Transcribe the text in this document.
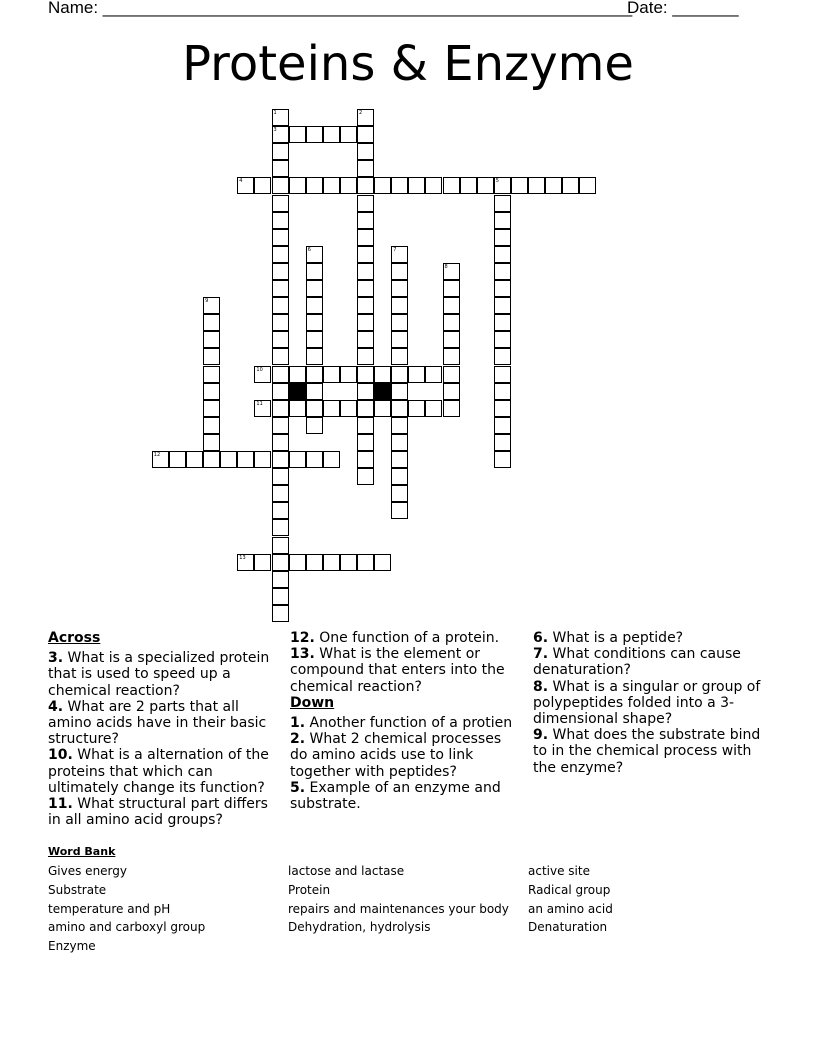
Name: ________________________________________________________
Date: _______
Proteins & Enzyme
1
3
2
4	5
6	7
8
9
10
11
12
13
Across
3. What is a specialized protein that is used to speed up a chemical reaction?
4. What are 2 parts that all amino acids have in their basic structure?
10. What is a alternation of the proteins that which can ultimately change its function?
11. What structural part differs in all amino acid groups?
12. One function of a protein.
13. What is the element or compound that enters into the chemical reaction?
Down
1. Another function of a protien
2. What 2 chemical processes do amino acids use to link together with peptides?
5. Example of an enzyme and substrate.
6. What is a peptide?
7. What conditions can cause denaturation?
8. What is a singular or group of polypeptides folded into a 3-dimensional shape?
9. What does the substrate bind to in the chemical process with the enzyme?
Word Bank
Gives energy
Substrate
temperature and pH
amino and carboxyl group
Enzyme
lactose and lactase
Protein
repairs and maintenances your body
Dehydration, hydrolysis
active site
Radical group
an amino acid
Denaturation
